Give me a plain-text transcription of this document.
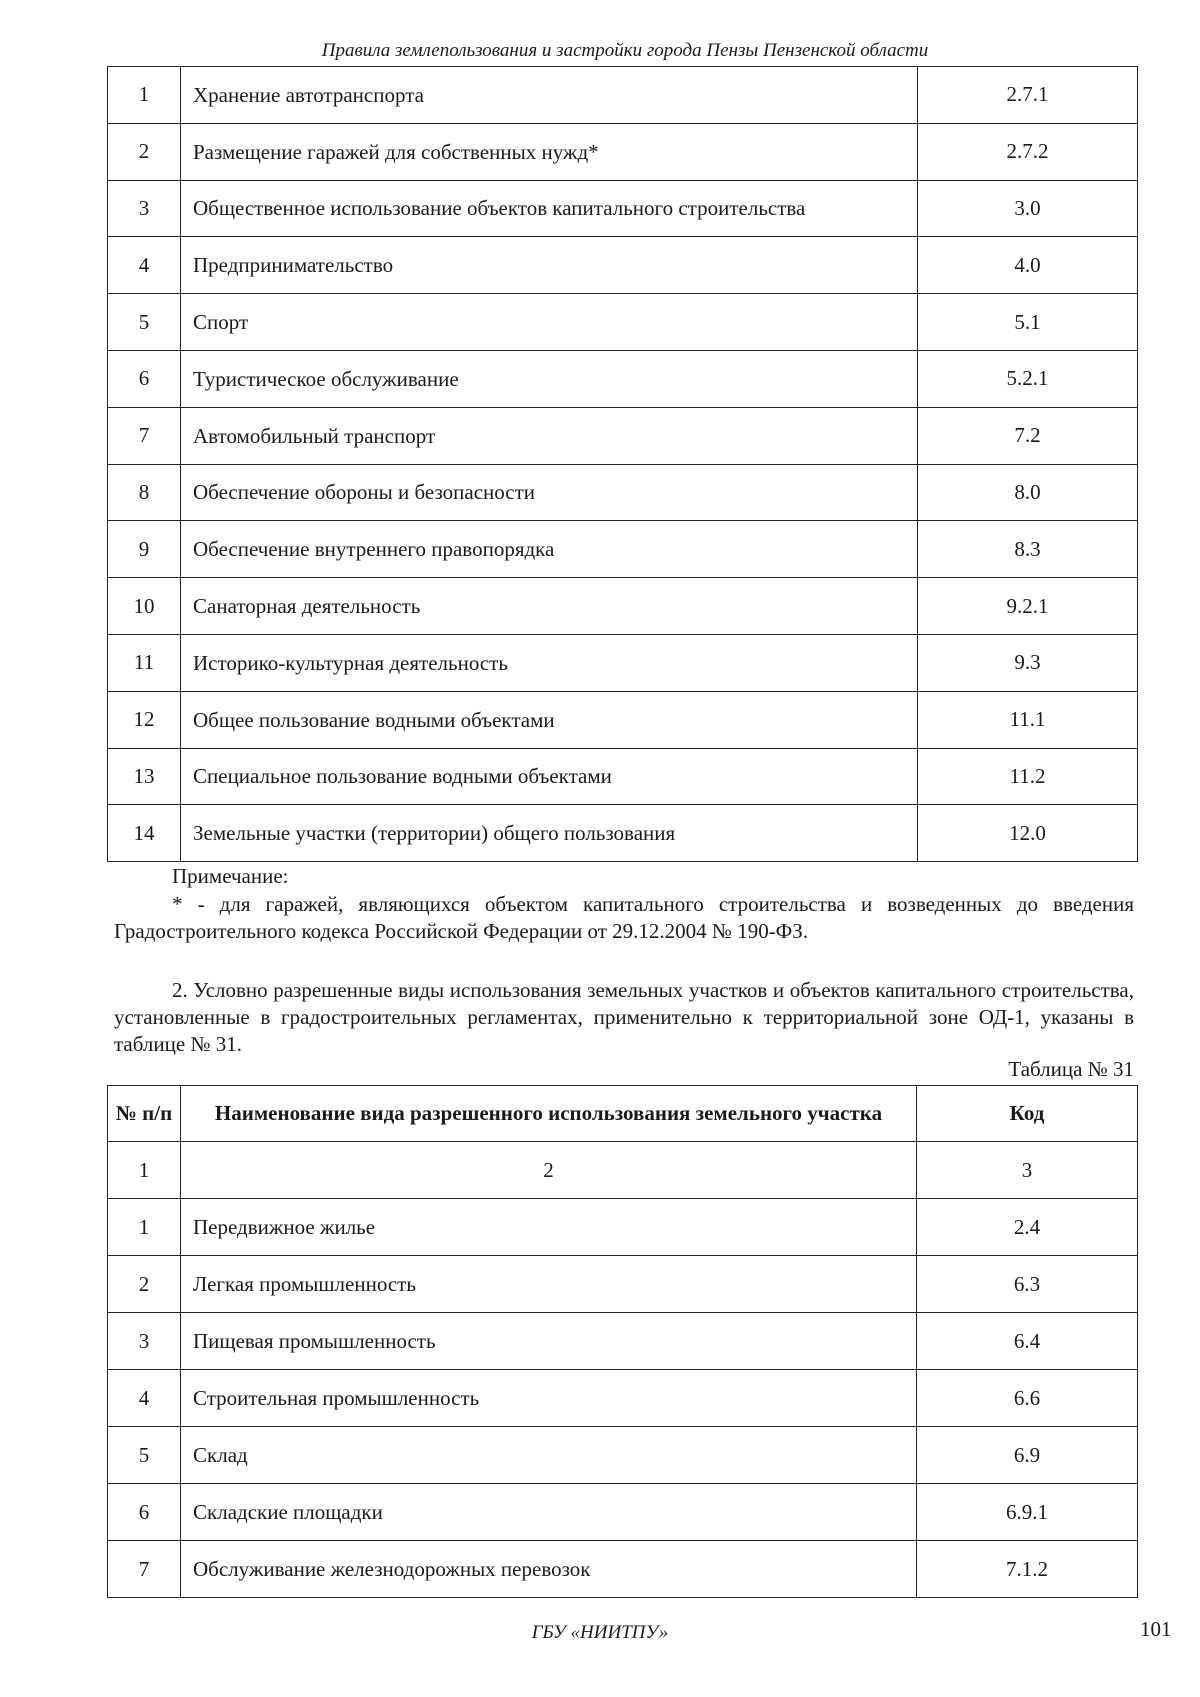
Правила землепользования и застройки города Пензы Пензенской области
1	Хранение автотранспорта	2.7.1
2	Размещение гаражей для собственных нужд*	2.7.2
3	Общественное использование объектов капитального строительства	3.0
4	Предпринимательство	4.0
5	Спорт	5.1
6	Туристическое обслуживание	5.2.1
7	Автомобильный транспорт	7.2
8	Обеспечение обороны и безопасности	8.0
9	Обеспечение внутреннего правопорядка	8.3
10	Санаторная деятельность	9.2.1
11	Историко-культурная деятельность	9.3
12	Общее пользование водными объектами	11.1
13	Специальное пользование водными объектами	11.2
14	Земельные участки (территории) общего пользования	12.0
Примечание:
* - для гаражей, являющихся объектом капитального строительства и возведенных до введения Градостроительного кодекса Российской Федерации от 29.12.2004 № 190-ФЗ.
2. Условно разрешенные виды использования земельных участков и объектов капитального строительства, установленные в градостроительных регламентах, применительно к территориальной зоне ОД-1, указаны в таблице № 31.
Таблица № 31
№ п/п	Наименование вида разрешенного использования земельного участка	Код
1	2	3
1	Передвижное жилье	2.4
2	Легкая промышленность	6.3
3	Пищевая промышленность	6.4
4	Строительная промышленность	6.6
5	Склад	6.9
6	Складские площадки	6.9.1
7	Обслуживание железнодорожных перевозок	7.1.2
ГБУ «НИИТПУ»	101
